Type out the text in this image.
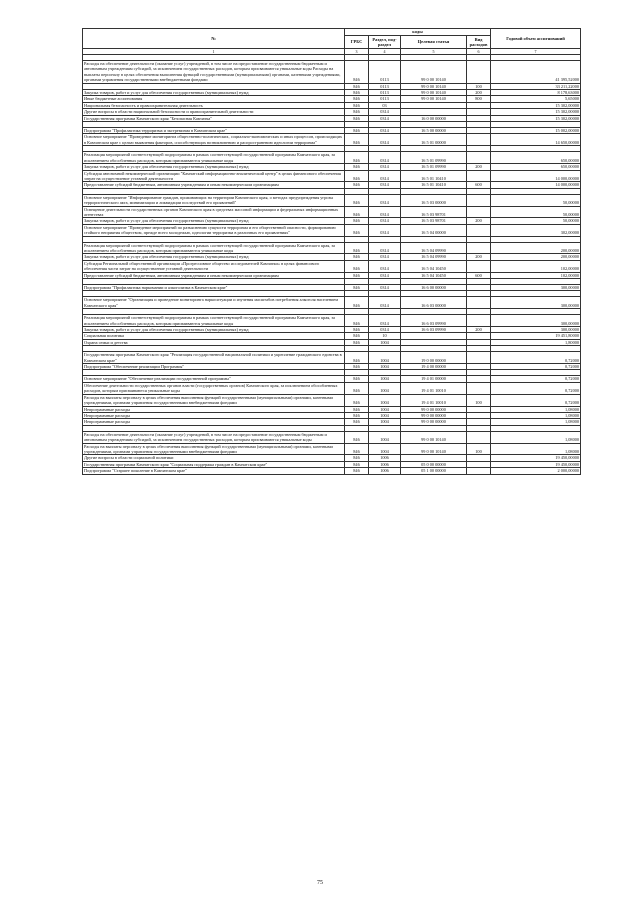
№	коды				Годовой объем ассигнований
	ГРБС	Раздел, под-раздел	Целевая статья	Вид расходов	
1	3	4	5	6	7

Расходы на обеспечение деятельности (оказание услуг) учреждений, в том числе на предоставление государственным бюджетным и автономным учреждениям субсидий, за исключением государственных расходов, которым присваиваются уникальные коды Расходы на выплаты персоналу в целях обеспечения выполнения функций государственными (муниципальными) органами, казенными учреждениями, органами управления государственными внебюджетными фондами	846	0113	99 0 00 10140		41 395,52000
	846	0113	99 0 00 10140	100	33 211,22000
Закупка товаров, работ и услуг для обеспечения государственных (муниципальных) нужд	846	0113	99 0 00 10140	200	8 178,63000
Иные бюджетные ассигнования	846	0113	99 0 00 10140	800	5,65000
Национальная безопасность и правоохранительная деятельность	846	03			15 302,00000
Другие вопросы в области национальной безопасности и правоохранительной деятельности	846	0314			15 302,00000
Государственная программа Камчатского края "Безопасная Камчатка"	846	0314	16 0 00 00000		15 302,00000

Подпрограмма "Профилактика терроризма и экстремизма в Камчатском крае"	846	0314	16 5 00 00000		15 002,00000
Основное мероприятие "Проведение мониторинга общественно-политических, социально-экономических и иных процессов, происходящих в Камчатском крае с целью выявления факторов, способствующих возникновению и распространению идеологии терроризма"	846	0314	16 5 01 00000		14 650,00000

Реализация мероприятий соответствующей подпрограммы в рамках соответствующей государственной программы Камчатского края, за исключением обособленных расходов, которым присваиваются уникальные коды	846	0314	16 5 01 09990		650,00000
Закупка товаров, работ и услуг для обеспечения государственных (муниципальных) нужд	846	0314	16 5 01 09990	200	650,00000
Субсидия автономной некоммерческой организации "Камчатский информационно-аналитический центр" в целях финансового обеспечения затрат на осуществление уставной деятельности	846	0314	16 5 01 10410		14 000,00000
Предоставление субсидий бюджетным, автономным учреждениям и иным некоммерческим организациям	846	0314	16 5 01 10410	600	14 000,00000

Основное мероприятие "Информирование граждан, проживающих на территории Камчатского края, о методах предупреждения угрозы террористического акта, минимизации и ликвидации последствий его проявлений"	846	0314	16 5 03 00000		50,00000
Освещение деятельности государственных органов Камчатского края в средствах массовой информации и федеральных информационных агентствах	846	0314	16 5 03 98701		50,00000
Закупка товаров, работ и услуг для обеспечения государственных (муниципальных) нужд	846	0314	16 5 03 98701	200	50,00000
Основное мероприятие "Проведение мероприятий по разъяснению сущности терроризма и его общественной опасности, формированию стойкого неприятия обществом, прежде всего молодежью, идеологии терроризма в различных его проявлениях"	846	0314	16 5 04 00000		302,00000

Реализация мероприятий соответствующей подпрограммы в рамках соответствующей государственной программы Камчатского края, за исключением обособленных расходов, которым присваиваются уникальные коды	846	0314	16 5 04 09990		200,00000
Закупка товаров, работ и услуг для обеспечения государственных (муниципальных) нужд	846	0314	16 5 04 09990	200	200,00000
Субсидия Региональной общественной организации «Прогрессивное общество исследователей Камчатки» в целях финансового обеспечения части затрат на осуществление уставной деятельности	846	0314	16 5 04 10450		102,00000
Предоставление субсидий бюджетным, автономным учреждениям и иным некоммерческим организациям	846	0314	16 5 04 10450	600	102,00000

Подпрограмма "Профилактика наркомании и алкоголизма в Камчатском крае"	846	0314	16 6 00 00000		300,00000

Основное мероприятие "Организация и проведение мониторинга наркоситуации и изучения масштабов потребления алкоголя населением Камчатского края"	846	0314	16 6 03 00000		300,00000

Реализация мероприятий соответствующей подпрограммы в рамках соответствующей государственной программы Камчатского края, за исключением обособленных расходов, которым присваиваются уникальные коды	846	0314	16 6 03 09990		300,00000
Закупка товаров, работ и услуг для обеспечения государственных (муниципальных) нужд	846	0314	16 6 03 09990	200	300,00000
Социальная политика	846	10			19 451,80000
Охрана семьи и детства	846	1004			1,80000

Государственная программа Камчатского края "Реализация государственной национальной политики и укрепление гражданского единства в Камчатском крае"	846	1004	19 0 00 00000		0,72000
Подпрограмма "Обеспечение реализации Программы"	846	1004	19 4 00 00000		0,72000

Основное мероприятие "Обеспечение реализации государственной программы"	846	1004	19 4 01 00000		0,72000
Обеспечение деятельности государственных органов власти (государственных органов) Камчатского края, за исключением обособленных расходов, которым присваиваются уникальные коды	846	1004	19 4 01 10010		0,72000
Расходы на выплаты персоналу в целях обеспечения выполнения функций государственными (муниципальными) органами, казенными учреждениями, органами управления государственными внебюджетными фондами	846	1004	19 4 01 10010	100	0,72000
Непрограммные расходы	846	1004	99 0 00 00000		1,08000
Непрограммные расходы	846	1004	99 0 00 00000		1,08000
Непрограммные расходы	846	1004	99 0 00 00000		1,08000

Расходы на обеспечение деятельности (оказание услуг) учреждений, в том числе на предоставление государственным бюджетным и автономным учреждениям субсидий, за исключением государственных расходов, которым присваиваются уникальные коды	846	1004	99 0 00 10140		1,08000
Расходы на выплаты персоналу в целях обеспечения выполнения функций государственными (муниципальными) органами, казенными учреждениями, органами управления государственными внебюджетными фондами	846	1004	99 0 00 10140	100	1,08000
Другие вопросы в области социальной политики	846	1006			19 450,00000
Государственная программа Камчатского края "Социальная поддержка граждан в Камчатском крае"	846	1006	05 0 00 00000		19 450,00000
Подпрограмма "Старшее поколение в Камчатском крае"	846	1006	05 1 00 00000		2 000,00000
75
